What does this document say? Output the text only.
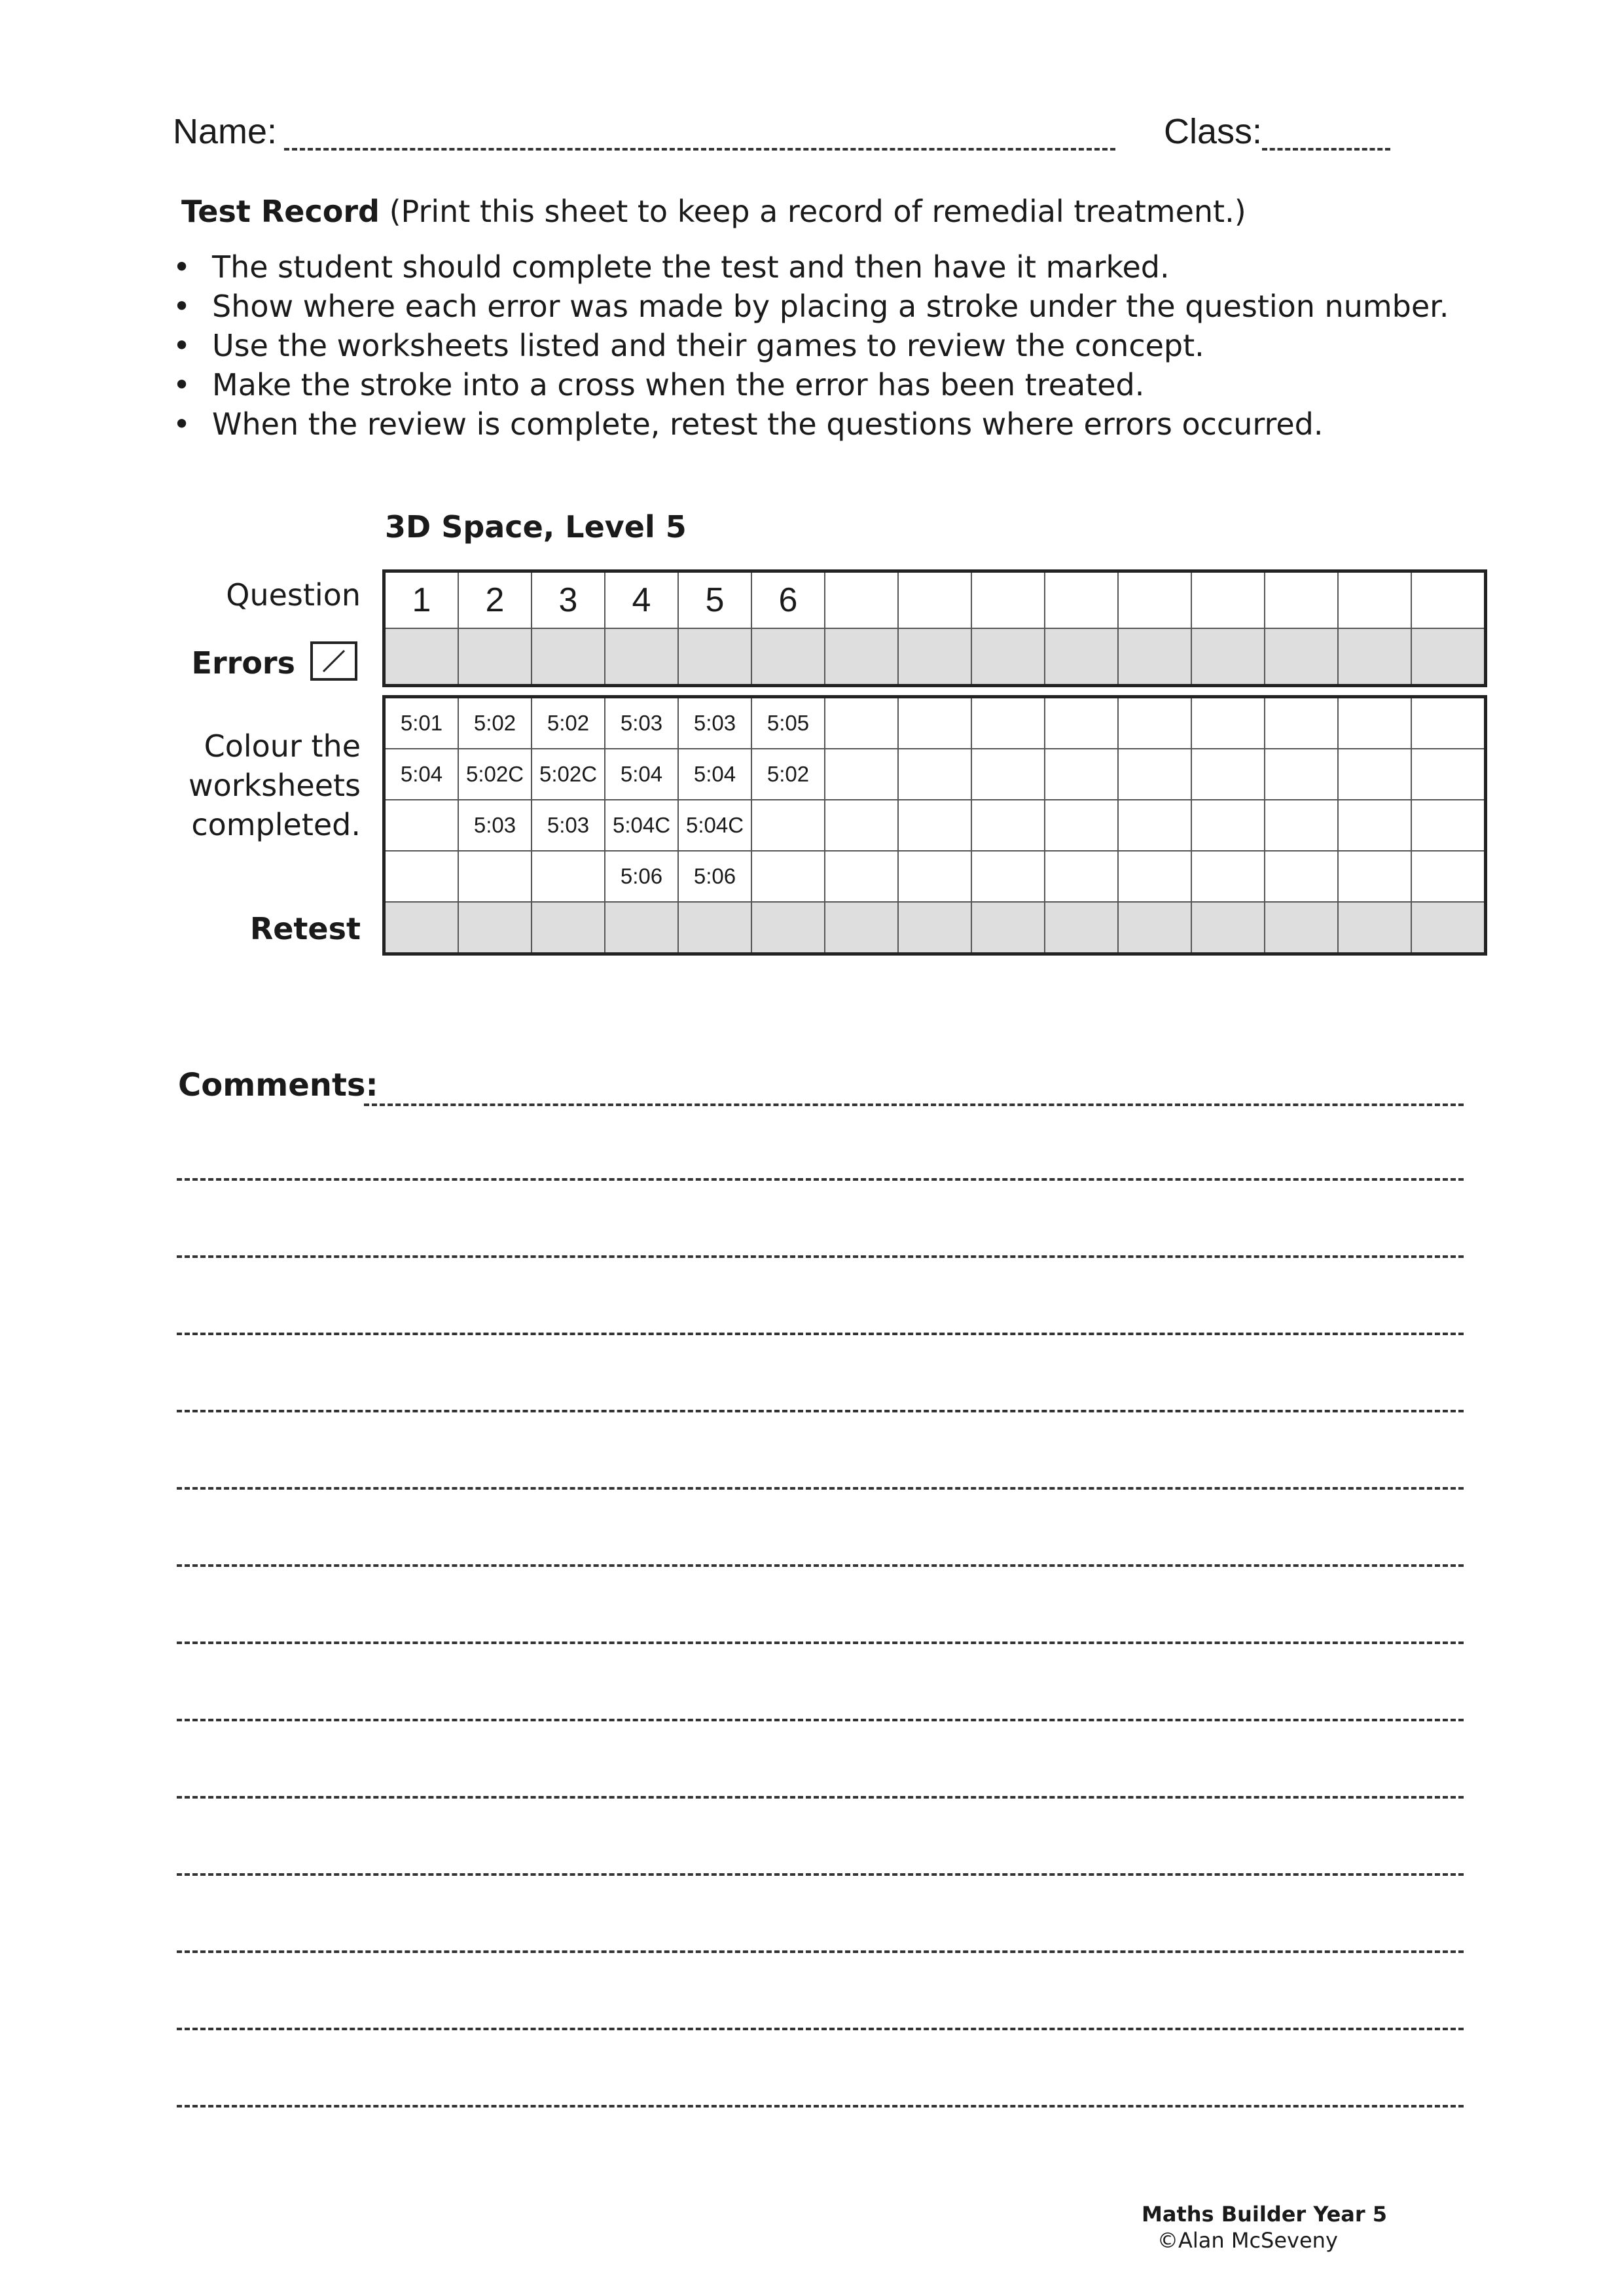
Name:	Class:
Test Record (Print this sheet to keep a record of remedial treatment.)
• The student should complete the test and then have it marked.
• Show where each error was made by placing a stroke under the question number.
• Use the worksheets listed and their games to review the concept.
• Make the stroke into a cross when the error has been treated.
• When the review is complete, retest the questions where errors occurred.
3D Space, Level 5
Question
Errors
Colour the
worksheets
completed.
Retest
1	2	3	4	5	6									

5:01	5:02	5:02	5:03	5:03	5:05									
5:04	5:02C	5:02C	5:04	5:04	5:02									
	5:03	5:03	5:04C	5:04C										
			5:06	5:06										

Comments:
Maths Builder Year 5
©Alan McSeveny
